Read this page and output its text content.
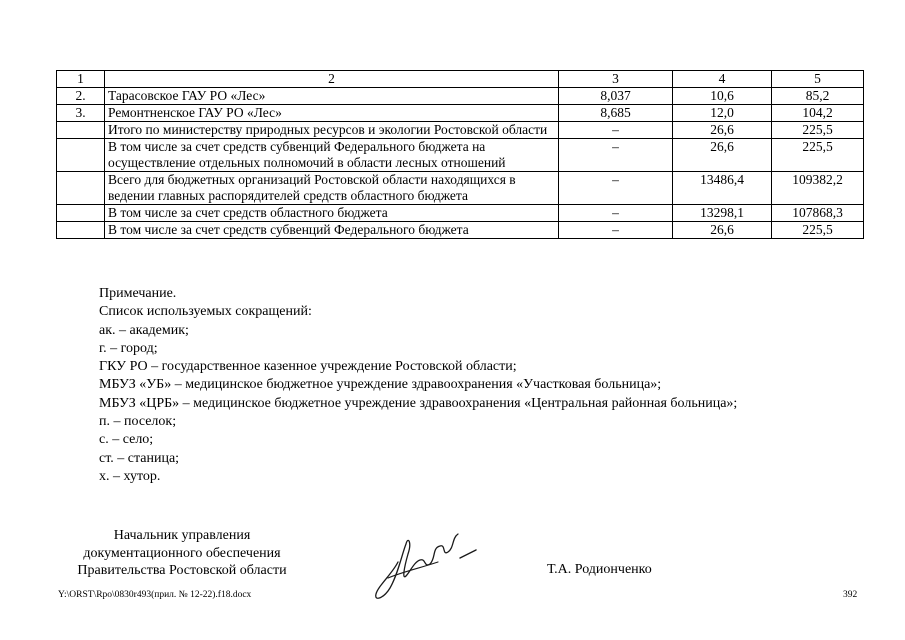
1	2	3	4	5
2.	Тарасовское ГАУ РО «Лес»	8,037	10,6	85,2
3.	Ремонтненское ГАУ РО «Лес»	8,685	12,0	104,2
	Итого по министерству природных ресурсов и экологии Ростовской области	–	26,6	225,5
	В том числе за счет средств субвенций Федерального бюджета на осуществление отдельных полномочий в области лесных отношений	–	26,6	225,5
	Всего для бюджетных организаций Ростовской области находящихся в ведении главных распорядителей средств областного бюджета	–	13486,4	109382,2
	В том числе за счет средств областного бюджета	–	13298,1	107868,3
	В том числе за счет средств субвенций Федерального бюджета	–	26,6	225,5
Примечание.
Список используемых сокращений:
ак. – академик;
г. – город;
ГКУ РО – государственное казенное учреждение Ростовской области;
МБУЗ «УБ» – медицинское бюджетное учреждение здравоохранения «Участковая больница»;
МБУЗ «ЦРБ» – медицинское бюджетное учреждение здравоохранения «Центральная районная больница»;
п. – поселок;
с. – село;
ст. – станица;
х. – хутор.
Начальник управления
документационного обеспечения
Правительства Ростовской области	Т.А. Родионченко
Y:\ORST\Rpo\0830r493(прил. № 12-22).f18.docx	392
